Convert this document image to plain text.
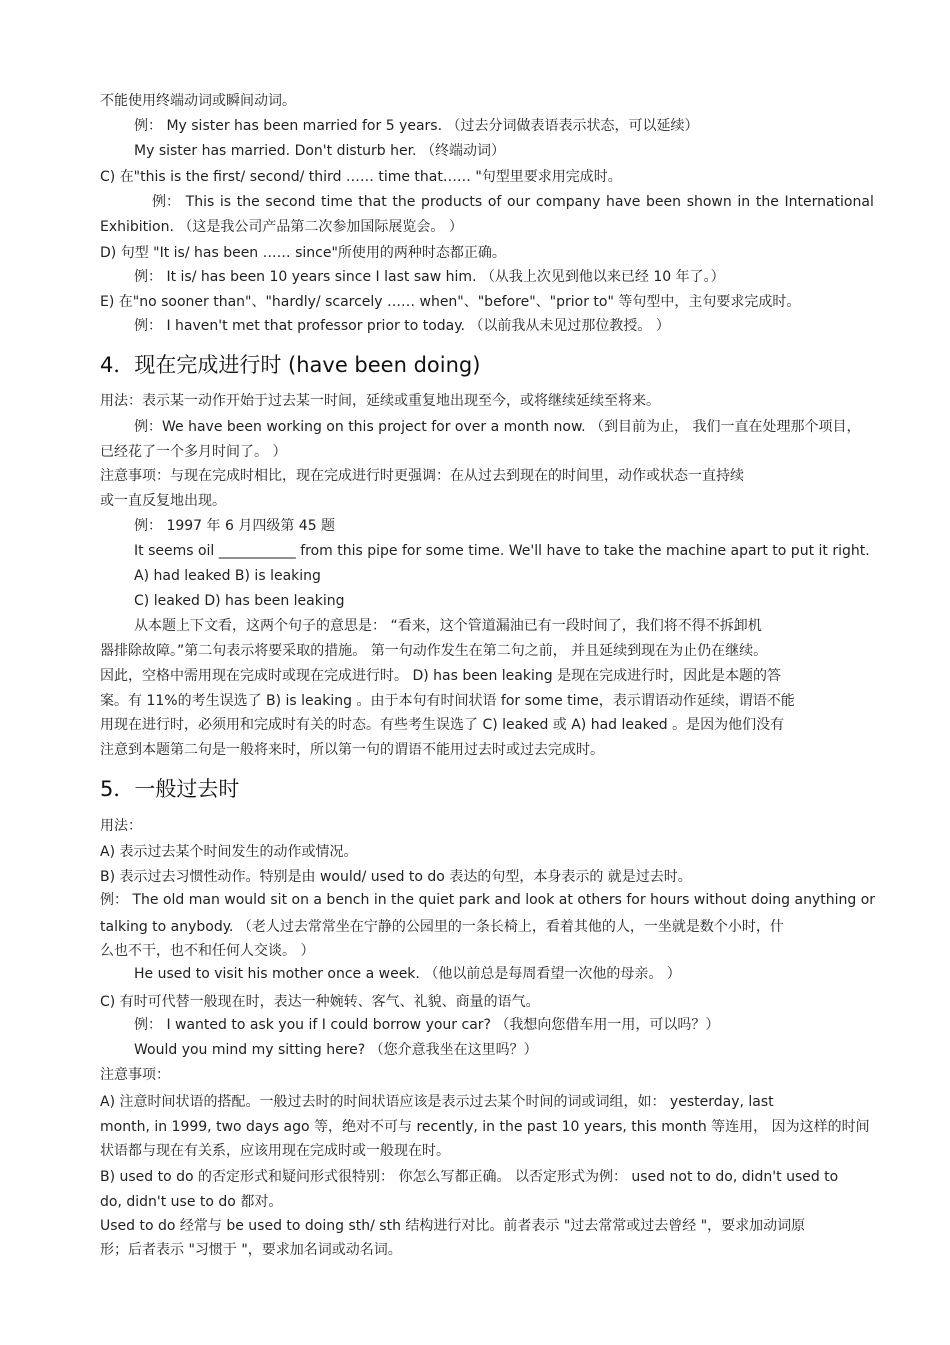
不能使用终端动词或瞬间动词。
例： My sister has been married for 5 years. （过去分词做表语表示状态，可以延续）
My sister has married. Don't disturb her. （终端动词）
C) 在"this is the first/ second/ third …… time that…… "句型里要求用完成时。
例： This is the second time that the products of our company have been shown in the International
Exhibition. （这是我公司产品第二次参加国际展览会。 ）
D) 句型 "It is/ has been …… since"所使用的两种时态都正确。
例： It is/ has been 10 years since I last saw him. （从我上次见到他以来已经 10 年了。）
E) 在"no sooner than"、"hardly/ scarcely …… when"、"before"、"prior to" 等句型中，主句要求完成时。
例： I haven't met that professor prior to today. （以前我从未见过那位教授。 ）
4．现在完成进行时 (have been doing)
用法：表示某一动作开始于过去某一时间，延续或重复地出现至今，或将继续延续至将来。
例：We have been working on this project for over a month now. （到目前为止， 我们一直在处理那个项目，
已经花了一个多月时间了。 ）
注意事项：与现在完成时相比，现在完成进行时更强调：在从过去到现在的时间里，动作或状态一直持续
或一直反复地出现。
例： 1997 年 6 月四级第 45 题
It seems oil ___________ from this pipe for some time. We'll have to take the machine apart to put it right.
A) had leaked B) is leaking
C) leaked D) has been leaking
从本题上下文看，这两个句子的意思是： “看来，这个管道漏油已有一段时间了，我们将不得不拆卸机
器排除故障。”第二句表示将要采取的措施。 第一句动作发生在第二句之前， 并且延续到现在为止仍在继续。
因此，空格中需用现在完成时或现在完成进行时。 D) has been leaking 是现在完成进行时，因此是本题的答
案。有 11%的考生误选了 B) is leaking 。由于本句有时间状语 for some time，表示谓语动作延续，谓语不能
用现在进行时，必须用和完成时有关的时态。有些考生误选了 C) leaked 或 A) had leaked 。是因为他们没有
注意到本题第二句是一般将来时，所以第一句的谓语不能用过去时或过去完成时。
5．一般过去时
用法：
A) 表示过去某个时间发生的动作或情况。
B) 表示过去习惯性动作。特别是由 would/ used to do 表达的句型，本身表示的 就是过去时。
例： The old man would sit on a bench in the quiet park and look at others for hours without doing anything or
talking to anybody. （老人过去常常坐在宁静的公园里的一条长椅上，看着其他的人，一坐就是数个小时，什
么也不干，也不和任何人交谈。 ）
He used to visit his mother once a week. （他以前总是每周看望一次他的母亲。 ）
C) 有时可代替一般现在时，表达一种婉转、客气、礼貌、商量的语气。
例： I wanted to ask you if I could borrow your car? （我想向您借车用一用，可以吗？）
Would you mind my sitting here? （您介意我坐在这里吗？）
注意事项：
A) 注意时间状语的搭配。一般过去时的时间状语应该是表示过去某个时间的词或词组，如： yesterday, last
month, in 1999, two days ago 等，绝对不可与 recently, in the past 10 years, this month 等连用， 因为这样的时间
状语都与现在有关系，应该用现在完成时或一般现在时。
B) used to do 的否定形式和疑问形式很特别： 你怎么写都正确。 以否定形式为例： used not to do, didn't used to
do, didn't use to do 都对。
Used to do 经常与 be used to doing sth/ sth 结构进行对比。前者表示 "过去常常或过去曾经 "，要求加动词原
形；后者表示 "习惯于 "，要求加名词或动名词。
